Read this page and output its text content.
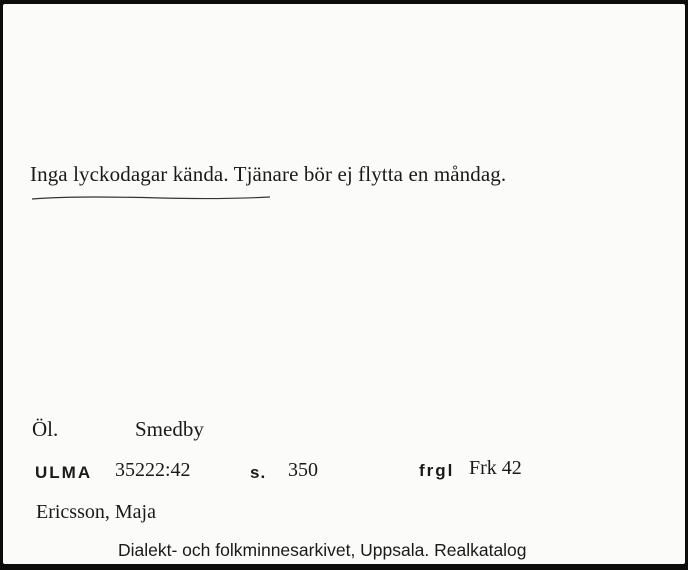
Inga lyckodagar kända. Tjänare bör ej flytta en måndag.
Öl.	Smedby
ULMA 35222:42	s. 350	frgl Frk 42
Ericsson, Maja
Dialekt- och folkminnesarkivet, Uppsala. Realkatalog
